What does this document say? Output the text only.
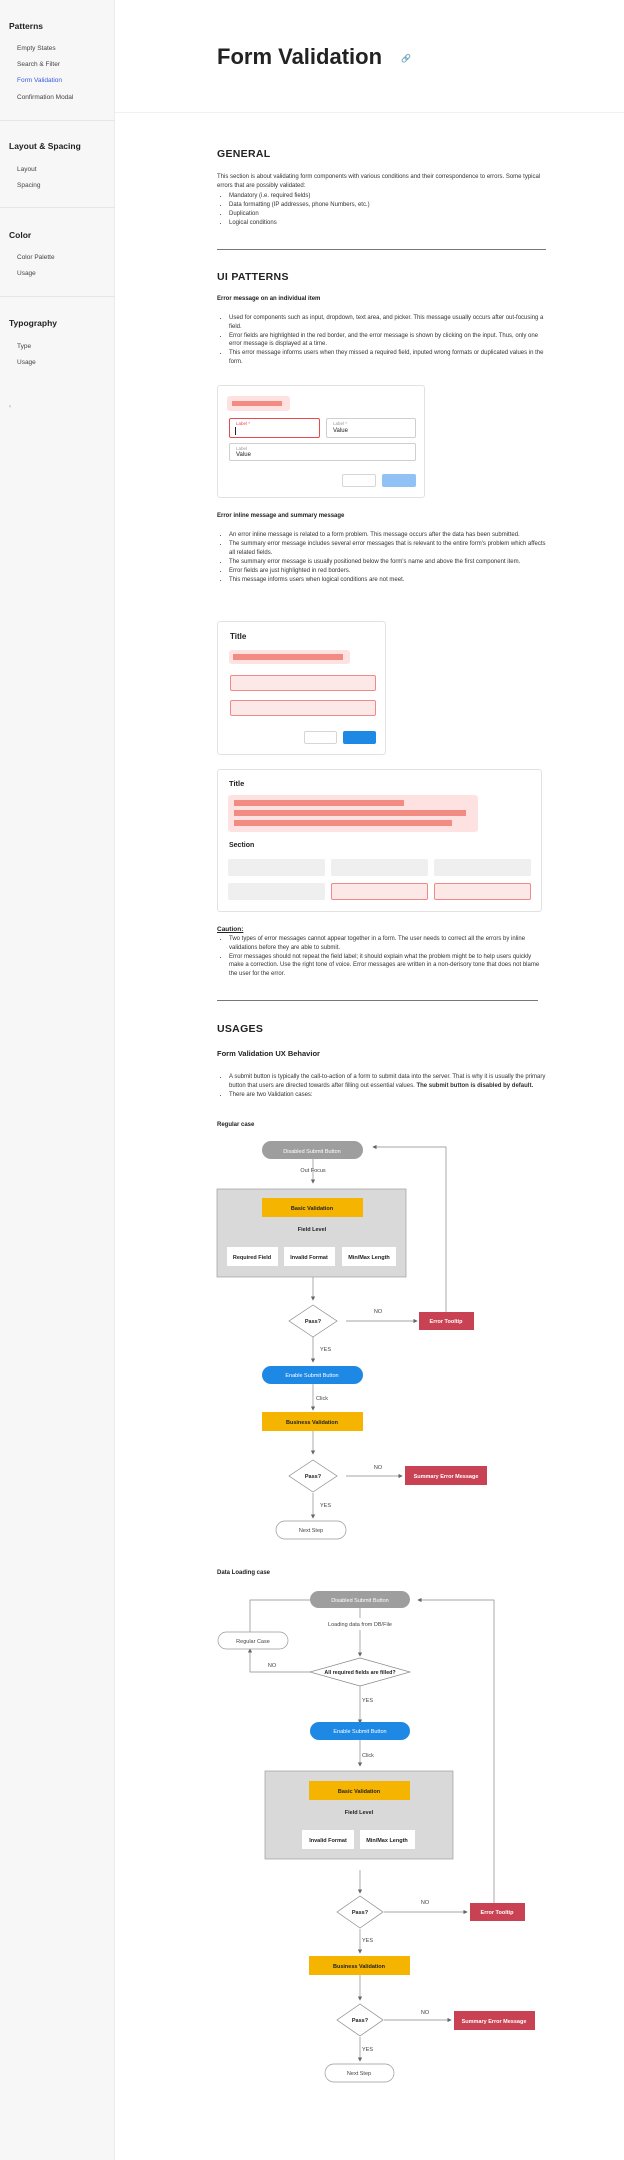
Patterns
Empty States
Search & Filter
Form Validation
Confirmation Modal
Layout & Spacing
Layout
Spacing
Color
Color Palette
Usage
Typography
Type
Usage
‹
Form Validation 🔗
GENERAL
This section is about validating form components with various conditions and their correspondence to errors. Some typical errors that are possibly validated:
• Mandatory (i.e. required fields)
• Data formatting (IP addresses, phone Numbers, etc.)
• Duplication
• Logical conditions
UI PATTERNS
Error message on an individual item
• Used for components such as input, dropdown, text area, and picker. This message usually occurs after out-focusing a field.
• Error fields are highlighted in the red border, and the error message is shown by clicking on the input. Thus, only one error message is displayed at a time.
• This error message informs users when they missed a required field, inputed wrong formats or duplicated values in the form.
Label *	Label *
Value
Label
Value
Error inline message and summary message
• An error inline message is related to a form problem. This message occurs after the data has been submitted.
• The summary error message includes several error messages that is relevant to the entire form's problem which affects all related fields.
• The summary error message is usually positioned below the form's name and above the first component item.
• Error fields are just highlighted in red borders.
• This message informs users when logical conditions are not meet.
Title
Title
Section
Caution:
• Two types of error messages cannot appear together in a form. The user needs to correct all the errors by inline validations before they are able to submit.
• Error messages should not repeat the field label; it should explain what the problem might be to help users quickly make a correction. Use the right tone of voice. Error messages are written in a non-derisory tone that does not blame the user for the error.
USAGES
Form Validation UX Behavior
• A submit button is typically the call-to-action of a form to submit data into the server. That is why it is usually the primary button that users are directed towards after filling out essential values. The submit button is disabled by default.
• There are two Validation cases:
Regular case
Disabled Submit Button
Out Focus
Basic Validation
Field Level
Required Field	Invalid Format	Min/Max Length
Pass?
NO
Error Tooltip
YES
Enable Submit Button
Click
Business Validation
Pass?
NO
Summary Error Message
YES
Next Step
Disabled Submit Button
Loading data from DB/File
Regular Case
All required fields are filled?
NO
YES
Enable Submit Button
Click
Basic Validation
Field Level
Invalid Format	Min/Max Length
Pass?
NO
Error Tooltip
YES
Business Validation
Pass?
NO
Summary Error Message
YES
Next Step
Data Loading case
